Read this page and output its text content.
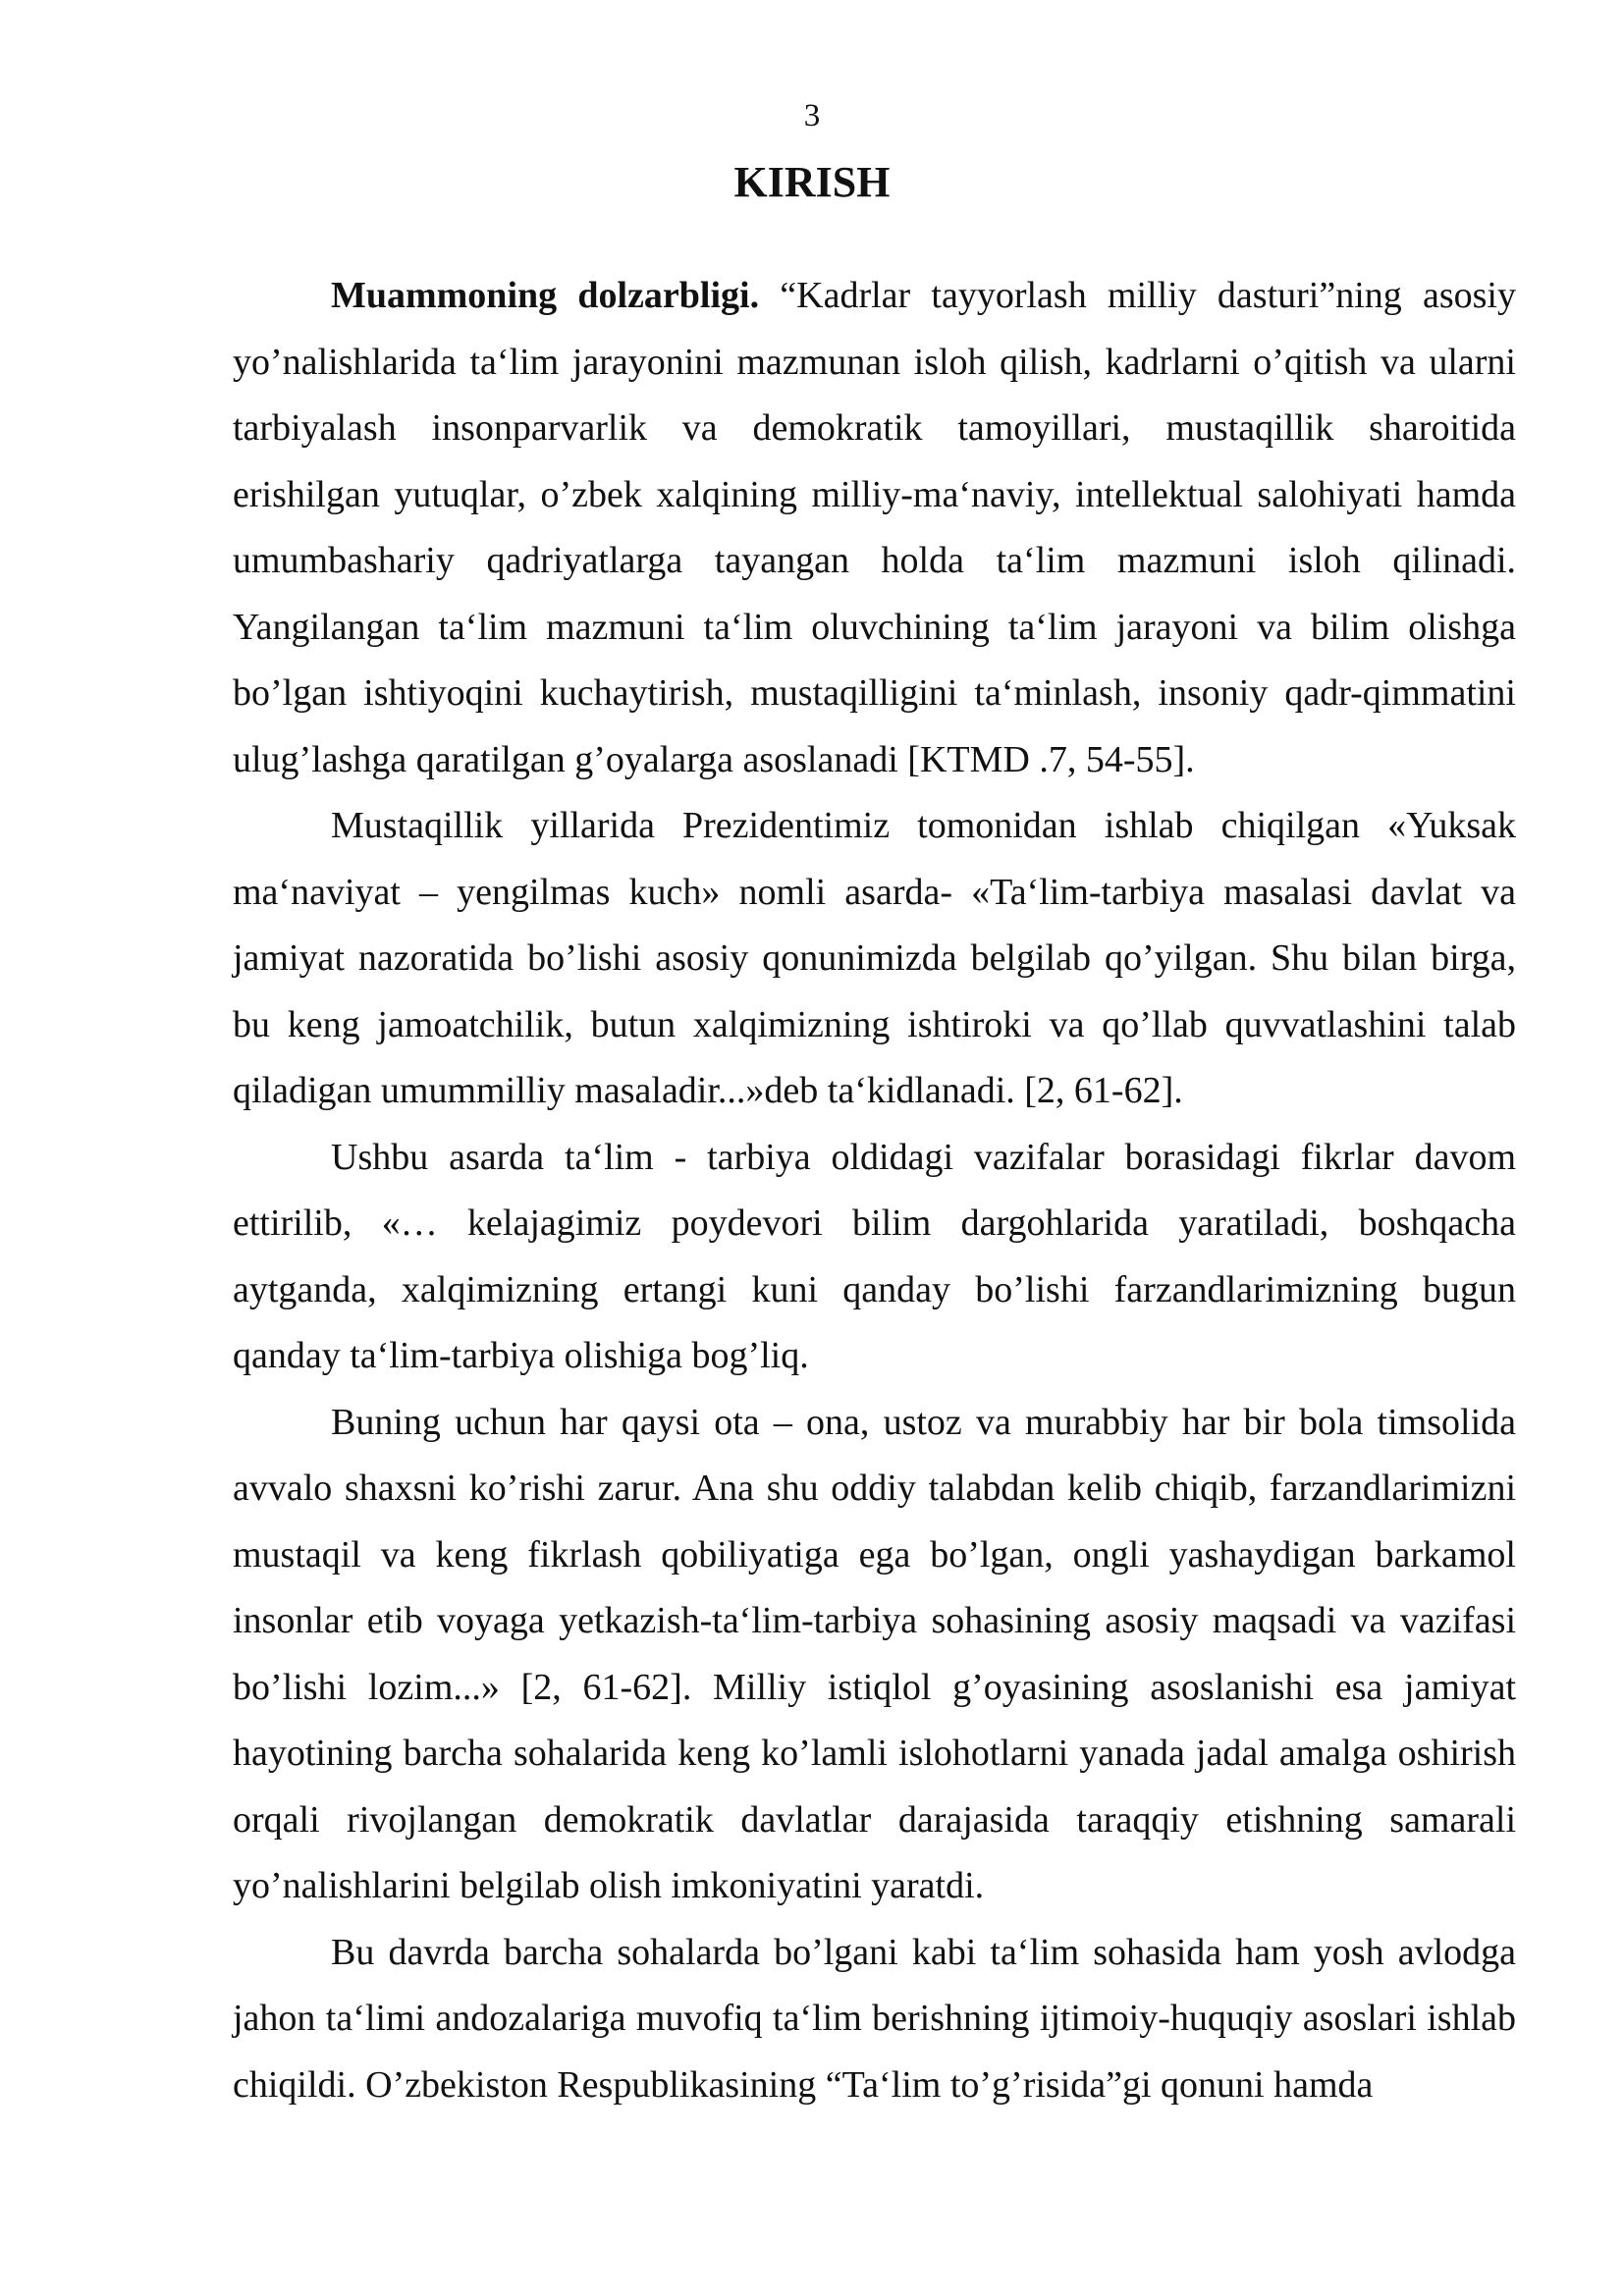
3
KIRISH

Muammoning dolzarbligi. “Kadrlar tayyorlash milliy dasturi”ning asosiy yo’nalishlarida ta‘lim jarayonini mazmunan isloh qilish, kadrlarni o’qitish va ularni tarbiyalash insonparvarlik va demokratik tamoyillari, mustaqillik sharoitida erishilgan yutuqlar, o’zbek xalqining milliy-ma‘naviy, intellektual salohiyati hamda umumbashariy qadriyatlarga tayangan holda ta‘lim mazmuni isloh qilinadi. Yangilangan ta‘lim mazmuni ta‘lim oluvchining ta‘lim jarayoni va bilim olishga bo’lgan ishtiyoqini kuchaytirish, mustaqilligini ta‘minlash, insoniy qadr-qimmatini ulug’lashga qaratilgan g’oyalarga asoslanadi [KTMD .7, 54-55].

Mustaqillik yillarida Prezidentimiz tomonidan ishlab chiqilgan «Yuksak ma‘naviyat – yengilmas kuch» nomli asarda- «Ta‘lim-tarbiya masalasi davlat va jamiyat nazoratida bo’lishi asosiy qonunimizda belgilab qo’yilgan. Shu bilan birga, bu keng jamoatchilik, butun xalqimizning ishtiroki va qo’llab quvvatlashini talab qiladigan umummilliy masaladir...»deb ta‘kidlanadi. [2, 61-62].

Ushbu asarda ta‘lim - tarbiya oldidagi vazifalar borasidagi fikrlar davom ettirilib, «… kelajagimiz poydevori bilim dargohlarida yaratiladi, boshqacha aytganda, xalqimizning ertangi kuni qanday bo’lishi farzandlarimizning bugun qanday ta‘lim-tarbiya olishiga bog’liq.

Buning uchun har qaysi ota – ona, ustoz va murabbiy har bir bola timsolida avvalo shaxsni ko’rishi zarur. Ana shu oddiy talabdan kelib chiqib, farzandlarimizni mustaqil va keng fikrlash qobiliyatiga ega bo’lgan, ongli yashaydigan barkamol insonlar etib voyaga yetkazish-ta‘lim-tarbiya sohasining asosiy maqsadi va vazifasi bo’lishi lozim...» [2, 61-62]. Milliy istiqlol g’oyasining asoslanishi esa jamiyat hayotining barcha sohalarida keng ko’lamli islohotlarni yanada jadal amalga oshirish orqali rivojlangan demokratik davlatlar darajasida taraqqiy etishning samarali yo’nalishlarini belgilab olish imkoniyatini yaratdi.

Bu davrda barcha sohalarda bo’lgani kabi ta‘lim sohasida ham yosh avlodga jahon ta‘limi andozalariga muvofiq ta‘lim berishning ijtimoiy-huquqiy asoslari ishlab chiqildi. O’zbekiston Respublikasining “Ta‘lim to’g’risida”gi qonuni hamda
